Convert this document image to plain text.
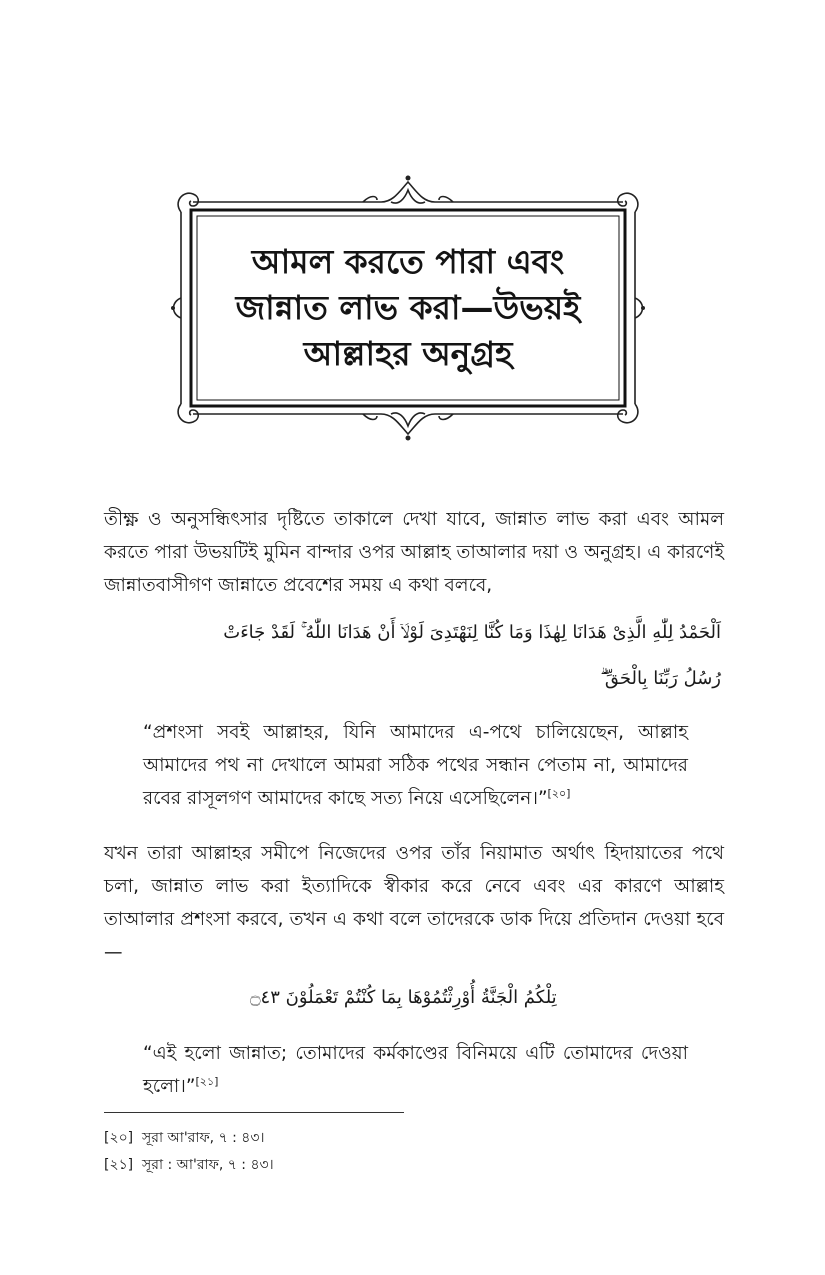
আমল করতে পারা এবং
জান্নাত লাভ করা—উভয়ই
আল্লাহর অনুগ্রহ
তীক্ষ্ণ ও অনুসন্ধিৎসার দৃষ্টিতে তাকালে দেখা যাবে, জান্নাত লাভ করা এবং আমল করতে পারা উভয়টিই মুমিন বান্দার ওপর আল্লাহ তাআলার দয়া ও অনুগ্রহ। এ কারণেই জান্নাতবাসীগণ জান্নাতে প্রবেশের সময় এ কথা বলবে,
اَلْحَمْدُ لِلّٰهِ الَّذِیْ هَدَانَا لِهٰذَا وَمَا كُنَّا لِنَهْتَدِیَ لَوْلَاۤ أَنْ هَدَانَا اللّٰهُ ۚ لَقَدْ جَاءَتْ
رُسُلُ رَبِّنَا بِالْحَقِّ ۗ
“প্রশংসা সবই আল্লাহর, যিনি আমাদের এ-পথে চালিয়েছেন, আল্লাহ আমাদের পথ না দেখালে আমরা সঠিক পথের সন্ধান পেতাম না, আমাদের রবের রাসূলগণ আমাদের কাছে সত্য নিয়ে এসেছিলেন।”[২০]
যখন তারা আল্লাহর সমীপে নিজেদের ওপর তাঁর নিয়ামাত অর্থাৎ হিদায়াতের পথে চলা, জান্নাত লাভ করা ইত্যাদিকে স্বীকার করে নেবে এবং এর কারণে আল্লাহ তাআলার প্রশংসা করবে, তখন এ কথা বলে তাদেরকে ডাক দিয়ে প্রতিদান দেওয়া হবে—
تِلْكُمُ الْجَنَّةُ أُوْرِثْتُمُوْهَا بِمَا كُنْتُمْ تَعْمَلُوْنَ ۝٤٣
“এই হলো জান্নাত; তোমাদের কর্মকাণ্ডের বিনিময়ে এটি তোমাদের দেওয়া হলো।”[২১]
[২০] সূরা আ'রাফ, ৭ : ৪৩।
[২১] সূরা : আ'রাফ, ৭ : ৪৩।
